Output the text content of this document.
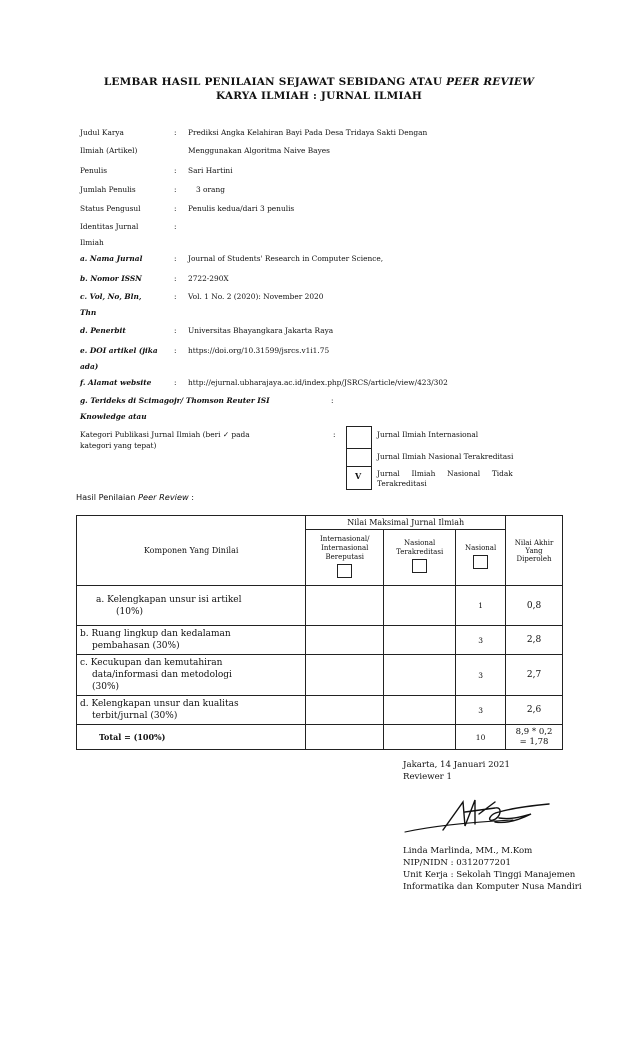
LEMBAR HASIL PENILAIAN SEJAWAT SEBIDANG ATAU PEER REVIEW
KARYA ILMIAH : JURNAL ILMIAH
Judul Karya	: Prediksi Angka Kelahiran Bayi Pada Desa Tridaya Sakti Dengan
Ilmiah (Artikel)	Menggunakan Algoritma Naive Bayes
Penulis	: Sari Hartini
Jumlah Penulis	:	3 orang
Status Pengusul	: Penulis kedua/dari 3 penulis
Identitas Jurnal	:
Ilmiah
a. Nama Jurnal	: Journal of Students' Research in Computer Science,
b. Nomor ISSN	: 2722-290X
c. Vol, No, Bln,	: Vol. 1 No. 2 (2020): November 2020
Thn
d. Penerbit	: Universitas Bhayangkara Jakarta Raya
e. DOI artikel (jika : https://doi.org/10.31599/jsrcs.v1i1.75
ada)
f. Alamat website	: http://ejurnal.ubharajaya.ac.id/index.php/JSRCS/article/view/423/302
g. Terideks di Scimagojr/ Thomson Reuter ISI	:
Knowledge atau
Kategori Publikasi Jurnal Ilmiah (beri ✓ pada
kategori yang tepat)
:	Jurnal Ilmiah Internasional
Jurnal Ilmiah Nasional Terakreditasi
V Jurnal     Ilmiah     Nasional     Tidak
Terakreditasi
Hasil Penilaian Peer Review :
Komponen Yang Dinilai	Nilai Maksimal Jurnal Ilmiah			Nilai Akhir Yang Diperoleh

	Internasional/ Internasional Bereputasi	Nasional Terakreditasi	Nasional	

a. Kelengkapan unsur isi artikel
(10%)			1	0,8

b. Ruang lingkup dan kedalaman
pembahasan (30%)			3	2,8

c. Kecukupan dan kemutahiran
data/informasi dan metodologi
(30%)			3	2,7

d. Kelengkapan unsur dan kualitas
terbit/jurnal (30%)			3	2,6
Total = (100%)			10	8,9 * 0,2
= 1,78
Jakarta, 14 Januari 2021
Reviewer 1
Linda Marlinda, MM., M.Kom
NIP/NIDN : 0312077201
Unit Kerja : Sekolah Tinggi Manajemen
Informatika dan Komputer Nusa Mandiri
